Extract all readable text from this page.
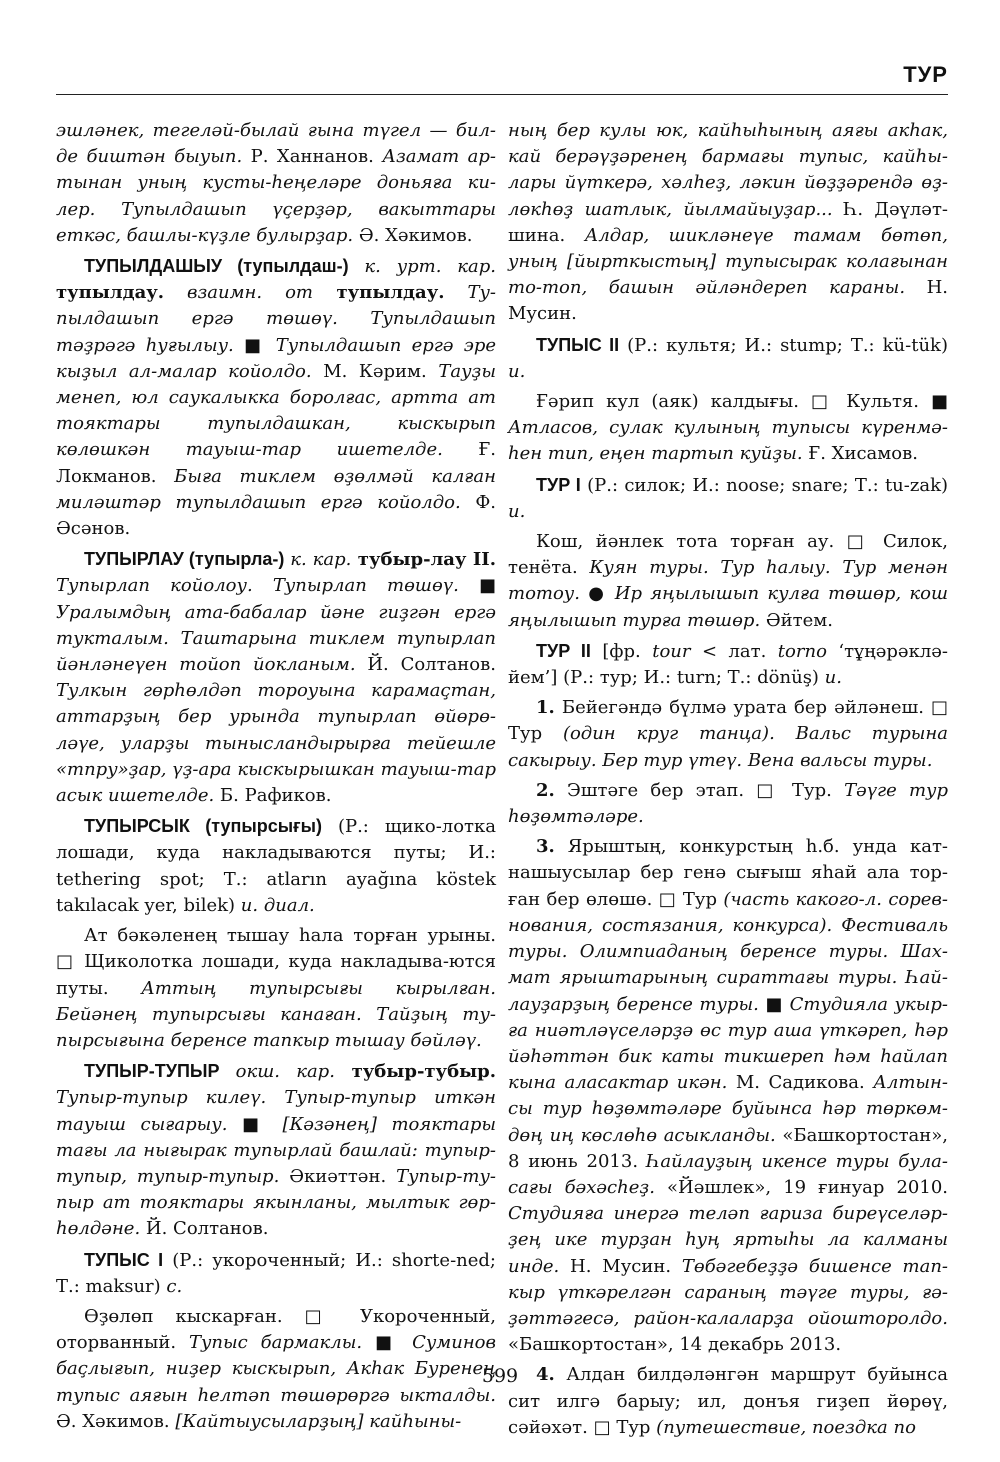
ТУР

эшләнек, тегеләй-былай ғына түгел — бил-де биштән быуып. Р. Ханнанов. Азамат ар-тынан уның кусты-һеңеләре доньяға ки-лер. Тупылдашып үҫерҙәр, вакыттары еткәс, башлы-күҙле булырҙар. Ә. Хәкимов.

ТУПЫЛДАШЫУ (тупылдаш-) к. урт. кар. тупылдау. взаимн. от тупылдау. Ту-пылдашып ергә төшөү. Тупылдашып тәҙрәгә һуғылыу. ■ Тупылдашып ергә эре кыҙыл ал-малар койолдо. М. Кәрим. Тауҙы менеп, юл саукалыкка боролғас, артта ат тояктары тупылдашкан, кыскырып көлөшкән тауыш-тар ишетелде. Ғ. Локманов. Быға тиклем өҙөлмәй калған миләштәр тупылдашып ергә койолдо. Ф. Әсәнов.

ТУПЫРЛАУ (тупырла-) к. кар. тубыр-лау II. Тупырлап койолоу. Тупырлап төшөү. ■ Уралымдың ата-бабалар йәне гиҙгән ергә тукталым. Таштарына тиклем тупырлап йәнләнеүен тойоп йокланым. Й. Солтанов. Тулкын гөрһөлдәп тороуына карамаҫтан, аттарҙың бер урында тупырлап өйөрө-ләүе, уларҙы тынысландырырға тейешле «тпру»ҙар, үҙ-ара кыскырышкан тауыш-тар асык ишетелде. Б. Рафиков.

ТУПЫРСЫК (тупырсығы) (Р.: щико-лотка лошади, куда накладываются путы; И.: tethering spot; Т.: atların ayağına köstek takılacak yer, bilek) и. диал.

Ат бәкәленең тышау һала торған урыны. □ Щиколотка лошади, куда накладыва-ются путы. Аттың тупырсығы кырылған. Бейәнең тупырсығы канаған. Тайҙың ту-пырсығына беренсе тапкыр тышау бәйләү.

ТУПЫР-ТУПЫР окш. кар. тубыр-тубыр. Тупыр-тупыр килеү. Тупыр-тупыр иткән тауыш сығарыу. ■ [Кәзәнең] тояктары тағы ла нығырак тупырлай башлай: тупыр-тупыр, тупыр-тупыр. Әкиәттән. Тупыр-ту-пыр ат тояктары якынланы, мылтык гөр-һөлдәне. Й. Солтанов.

ТУПЫС I (Р.: укороченный; И.: shorte-ned; Т.: maksur) с.

Өҙөлөп кыскарған. □ Укороченный, оторванный. Тупыс бармаклы. ■ Суминов баҫлығып, ниҙер кыскырып, Акһак Буренең тупыс аяғын һелтәп төшөрөргә ыкталды. Ә. Хәкимов. [Кайтыусыларҙың] кайһыны-

ның бер кулы юк, кайһыһының аяғы акһак, кай берәүҙәренең бармағы тупыс, кайһы-лары йүткерә, хәлһеҙ, ләкин йөҙҙәрендә өҙ-лөкһөҙ шатлык, йылмайыуҙар... Һ. Дәүләт-шина. Алдар, шикләнеүе тамам бөтөп, уның [йырткыстың] тупысырак колағынан то-топ, башын әйләндереп караны. Н. Мусин.

ТУПЫС II (Р.: культя; И.: stump; Т.: kü-tük) и.

Ғәрип кул (аяк) калдығы. □ Культя. ■ Атласов, сулак кулының тупысы күренмә-һен тип, еңен тартып куйҙы. Ғ. Хисамов.

ТУР I (Р.: силок; И.: noose; snare; Т.: tu-zak) и.

Кош, йәнлек тота торған ау. □ Силок, тенёта. Куян туры. Тур һалыу. Тур менән тотоу. ● Ир яңылышып кулға төшөр, кош яңылышып турға төшөр. Әйтем.

ТУР II [фр. tour < лат. torno ‘тұңәрәклә-йем’] (Р.: тур; И.: turn; Т.: dönüş) и.

1. Бейегәндә бүлмә урата бер әйләнеш. □ Тур (один круг танца). Вальс турына сакырыу. Бер тур үтеү. Вена вальсы туры.

2. Эштәге бер этап. □ Тур. Тәүге тур һөҙөмтәләре.

3. Ярыштың, конкурстың һ.б. унда кат-нашыусылар бер генә сығыш яһай ала тор-ған бер өлөшө. □ Тур (часть какого-л. сорев-нования, состязания, конкурса). Фестиваль туры. Олимпиаданың беренсе туры. Шах-мат ярыштарының сираттағы туры. Һай-лауҙарҙың беренсе туры. ■ Студияла укыр-ға ниәтләүселәрҙә өс тур аша үткәреп, һәр йәһәттән бик каты тикшереп һәм һайлап кына аласактар икән. М. Садикова. Алтын-сы тур һөҙөмтәләре буйынса һәр төркөм-дөң иң көслөһө асыкланды. «Башкортостан», 8 июнь 2013. Һайлауҙың икенсе туры була-сағы бәхәсһеҙ. «Йәшлек», 19 ғинуар 2010. Студияға инергә теләп ғариза биреүселәр-ҙең ике турҙан һуң яртыһы ла калманы инде. Н. Мусин. Төбәгебеҙҙә бишенсе тап-кыр үткәрелгән сараның тәүге туры, ғә-ҙәттәгесә, район-калаларҙа ойошторолдо. «Башкортостан», 14 декабрь 2013.

4. Алдан билдәләнгән маршрут буйынса сит илгә барыу; ил, донъя гиҙеп йөрөү, сәйәхәт. □ Тур (путешествие, поездка по

599
